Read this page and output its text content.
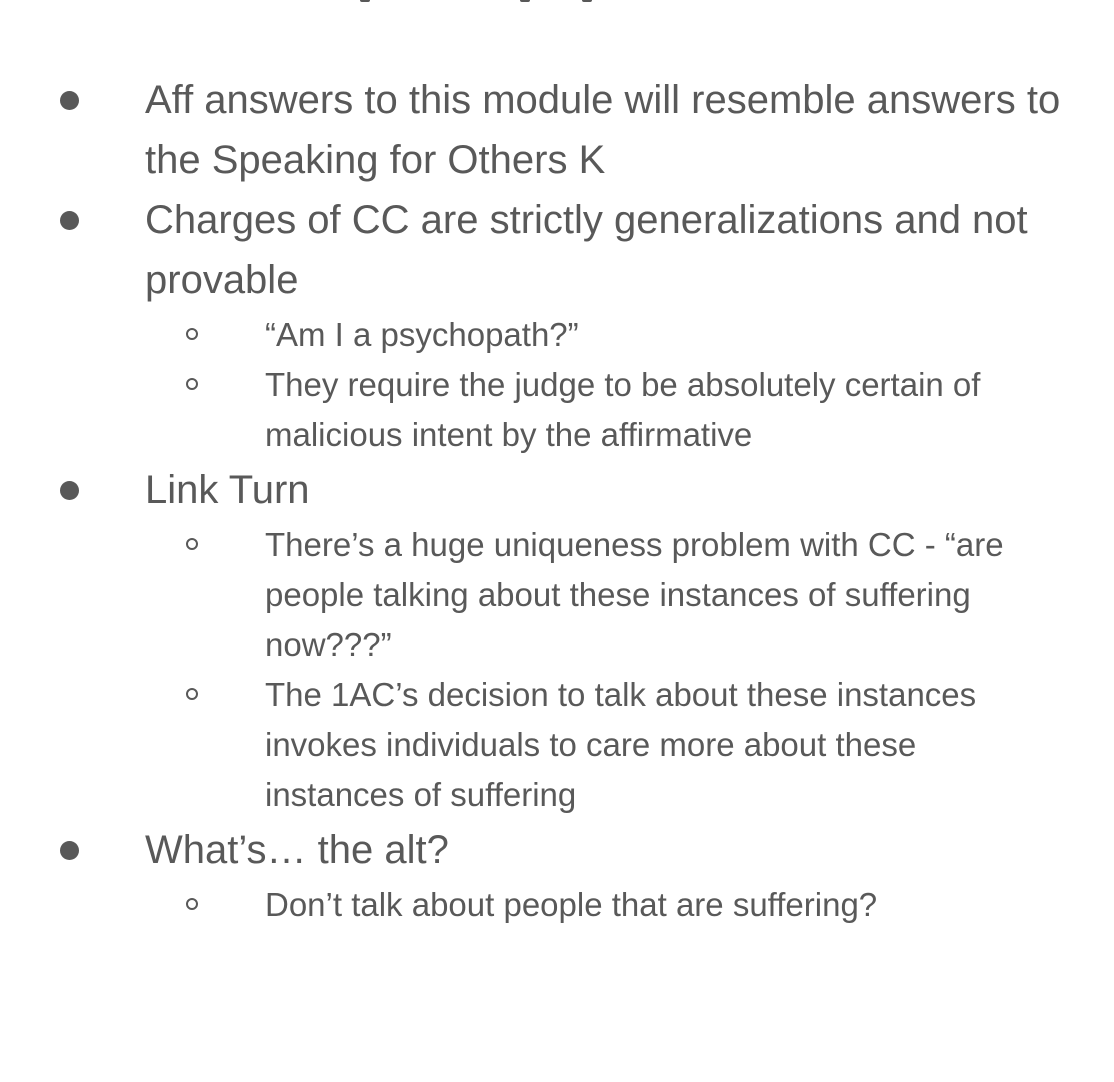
Aff answers to this module will resemble answers to the Speaking for Others K
Charges of CC are strictly generalizations and not provable
“Am I a psychopath?”
They require the judge to be absolutely certain of malicious intent by the affirmative
Link Turn
There’s a huge uniqueness problem with CC - “are people talking about these instances of suffering now???”
The 1AC’s decision to talk about these instances invokes individuals to care more about these instances of suffering
What’s… the alt?
Don’t talk about people that are suffering?
